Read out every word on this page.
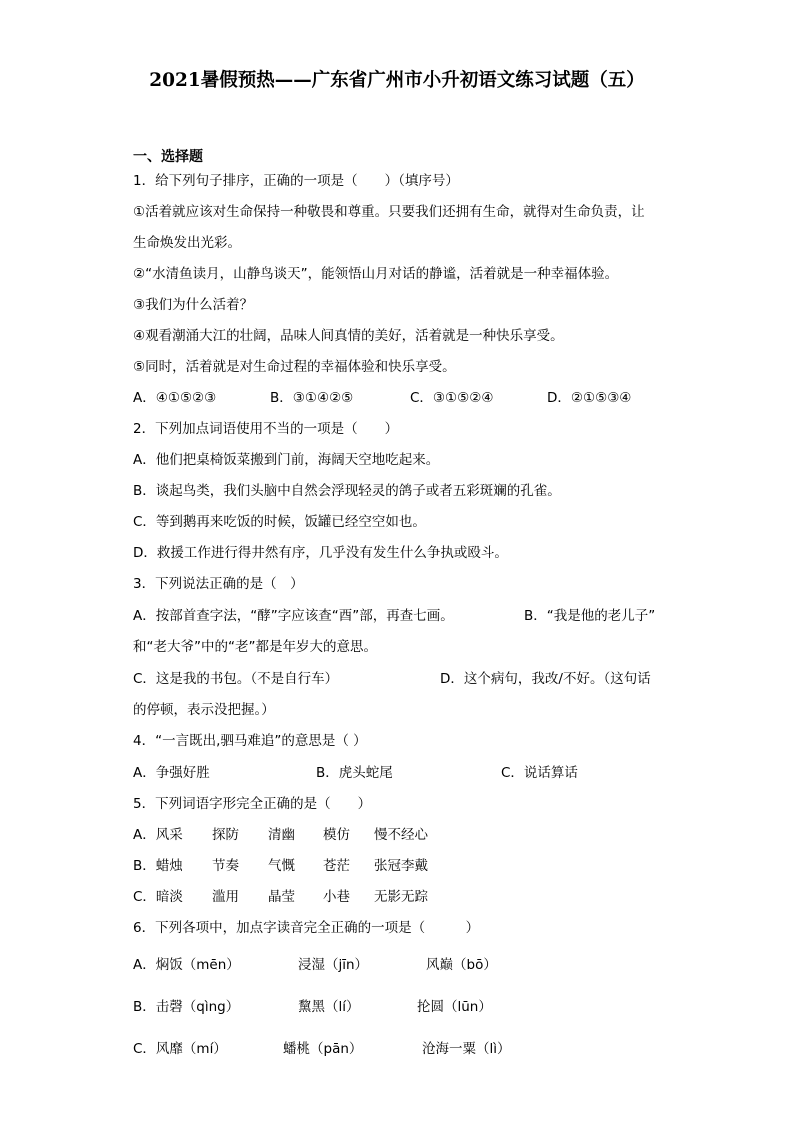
2021暑假预热——广东省广州市小升初语文练习试题（五）
一、选择题
1．给下列句子排序，正确的一项是（　　）（填序号）
①活着就应该对生命保持一种敬畏和尊重。只要我们还拥有生命，就得对生命负责，让
生命焕发出光彩。
②“水清鱼读月，山静鸟谈天”，能领悟山月对话的静谧，活着就是一种幸福体验。
③我们为什么活着？
④观看潮涌大江的壮阔，品味人间真情的美好，活着就是一种快乐享受。
⑤同时，活着就是对生命过程的幸福体验和快乐享受。
A．④①⑤②③	B．③①④②⑤	C．③①⑤②④	D．②①⑤③④
2．下列加点词语使用不当的一项是（　　）
A．他们把桌椅饭菜搬到门前，海阔天空地吃起来。
B．谈起鸟类，我们头脑中自然会浮现轻灵的鸽子或者五彩斑斓的孔雀。
C．等到鹅再来吃饭的时候，饭罐已经空空如也。
D．救援工作进行得井然有序，几乎没有发生什么争执或殴斗。
3．下列说法正确的是（　）
A．按部首查字法，“酵”字应该查“酉”部，再查七画。	B．“我是他的老儿子”
和“老大爷”中的“老”都是年岁大的意思。
C．这是我的书包。（不是自行车）	D．这个病句，我改/不好。（这句话
的停顿，表示没把握。）
4．“一言既出,驷马难追”的意思是（ ）
A．争强好胜	B．虎头蛇尾	C．说话算话
5．下列词语字形完全正确的是（　　）
A．风采 探防 清幽 模仿 慢不经心
B．蜡烛 节奏 气慨 苍茫 张冠李戴
C．暗淡 滥用 晶莹 小巷 无影无踪
6．下列各项中，加点字读音完全正确的一项是（　　　）
A．焖饭（mēn）	浸湿（jīn）	风巅（bō）
B．击磬（qìng）	黧黑（lí）	抡圆（lūn）
C．风靡（mí）	蟠桃（pān）	沧海一粟（lì）
